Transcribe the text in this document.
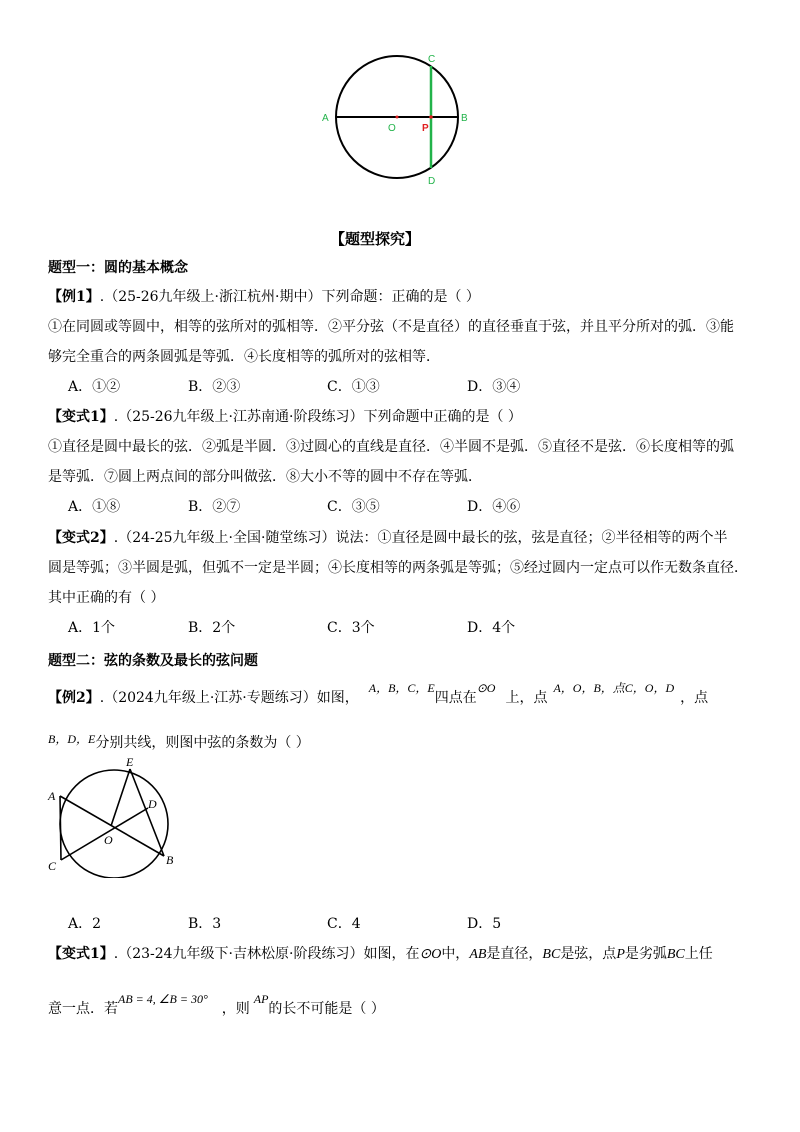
A
O	P
B
C
D
【题型探究】
题型一：圆的基本概念
【例1】.（25-26九年级上·浙江杭州·期中）下列命题：正确的是（ ）
①在同圆或等圆中，相等的弦所对的弧相等．②平分弦（不是直径）的直径垂直于弦，并且平分所对的弧．③能
够完全重合的两条圆弧是等弧．④长度相等的弧所对的弦相等．
A．①②	B．②③	C．①③	D．③④
【变式1】.（25-26九年级上·江苏南通·阶段练习）下列命题中正确的是（ ）
①直径是圆中最长的弦．②弧是半圆．③过圆心的直线是直径．④半圆不是弧．⑤直径不是弦．⑥长度相等的弧
是等弧．⑦圆上两点间的部分叫做弦．⑧大小不等的圆中不存在等弧．
A．①⑧	B．②⑦	C．③⑤	D．④⑥
【变式2】.（24-25九年级上·全国·随堂练习）说法：①直径是圆中最长的弦，弦是直径；②半径相等的两个半
圆是等弧；③半圆是弧，但弧不一定是半圆；④长度相等的两条弧是等弧；⑤经过圆内一定点可以作无数条直径．
其中正确的有（ ）
A．1个	B．2个	C．3个	D．4个
题型二：弦的条数及最长的弦问题
【例2】.（2024九年级上·江苏·专题练习）如图，A，B，C，E四点在⊙O上，点A，O，B，点C，O，D，点
B，D，E分别共线，则图中弦的条数为（ ）
A
E
D
O
C	B
A．2	B．3	C．4	D．5
【变式1】.（23-24九年级下·吉林松原·阶段练习）如图，在⊙O中，AB是直径，BC是弦，点P是劣弧BC上任
意一点．若AB = 4, ∠B = 30°，则AP的长不可能是（ ）
